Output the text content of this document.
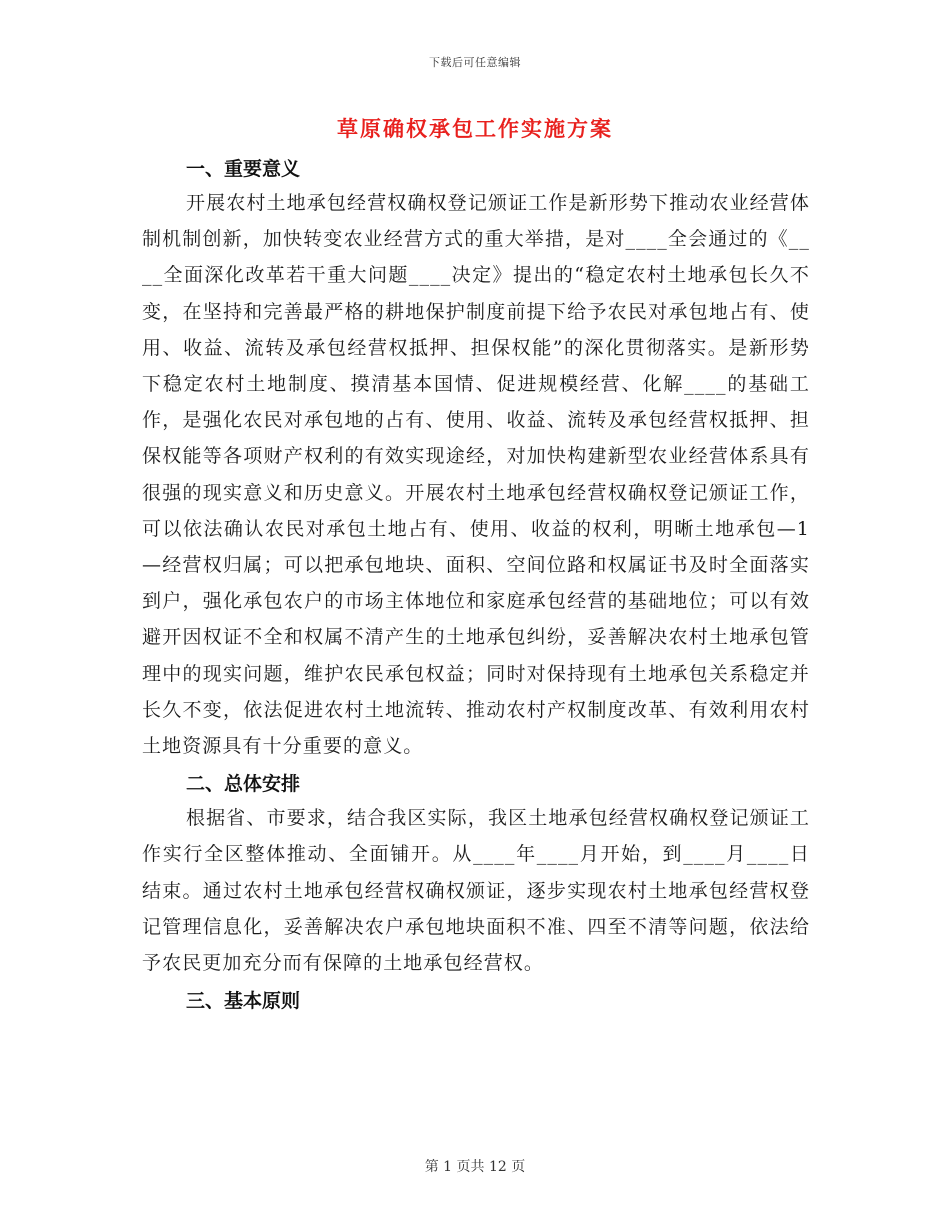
下载后可任意编辑
草原确权承包工作实施方案
一、重要意义

开展农村土地承包经营权确权登记颁证工作是新形势下推动农业经营体制机制创新，加快转变农业经营方式的重大举措，是对____全会通过的《____全面深化改革若干重大问题____决定》提出的“稳定农村土地承包长久不变，在坚持和完善最严格的耕地保护制度前提下给予农民对承包地占有、使用、收益、流转及承包经营权抵押、担保权能”的深化贯彻落实。是新形势下稳定农村土地制度、摸清基本国情、促进规模经营、化解____的基础工作，是强化农民对承包地的占有、使用、收益、流转及承包经营权抵押、担保权能等各项财产权利的有效实现途经，对加快构建新型农业经营体系具有很强的现实意义和历史意义。开展农村土地承包经营权确权登记颁证工作，可以依法确认农民对承包土地占有、使用、收益的权利，明晰土地承包—1—经营权归属；可以把承包地块、面积、空间位路和权属证书及时全面落实到户，强化承包农户的市场主体地位和家庭承包经营的基础地位；可以有效避开因权证不全和权属不清产生的土地承包纠纷，妥善解决农村土地承包管理中的现实问题，维护农民承包权益；同时对保持现有土地承包关系稳定并长久不变，依法促进农村土地流转、推动农村产权制度改革、有效利用农村土地资源具有十分重要的意义。

二、总体安排

根据省、市要求，结合我区实际，我区土地承包经营权确权登记颁证工作实行全区整体推动、全面铺开。从____年____月开始，到____月____日结束。通过农村土地承包经营权确权颁证，逐步实现农村土地承包经营权登记管理信息化，妥善解决农户承包地块面积不准、四至不清等问题，依法给予农民更加充分而有保障的土地承包经营权。

三、基本原则
第 1 页共 12 页
